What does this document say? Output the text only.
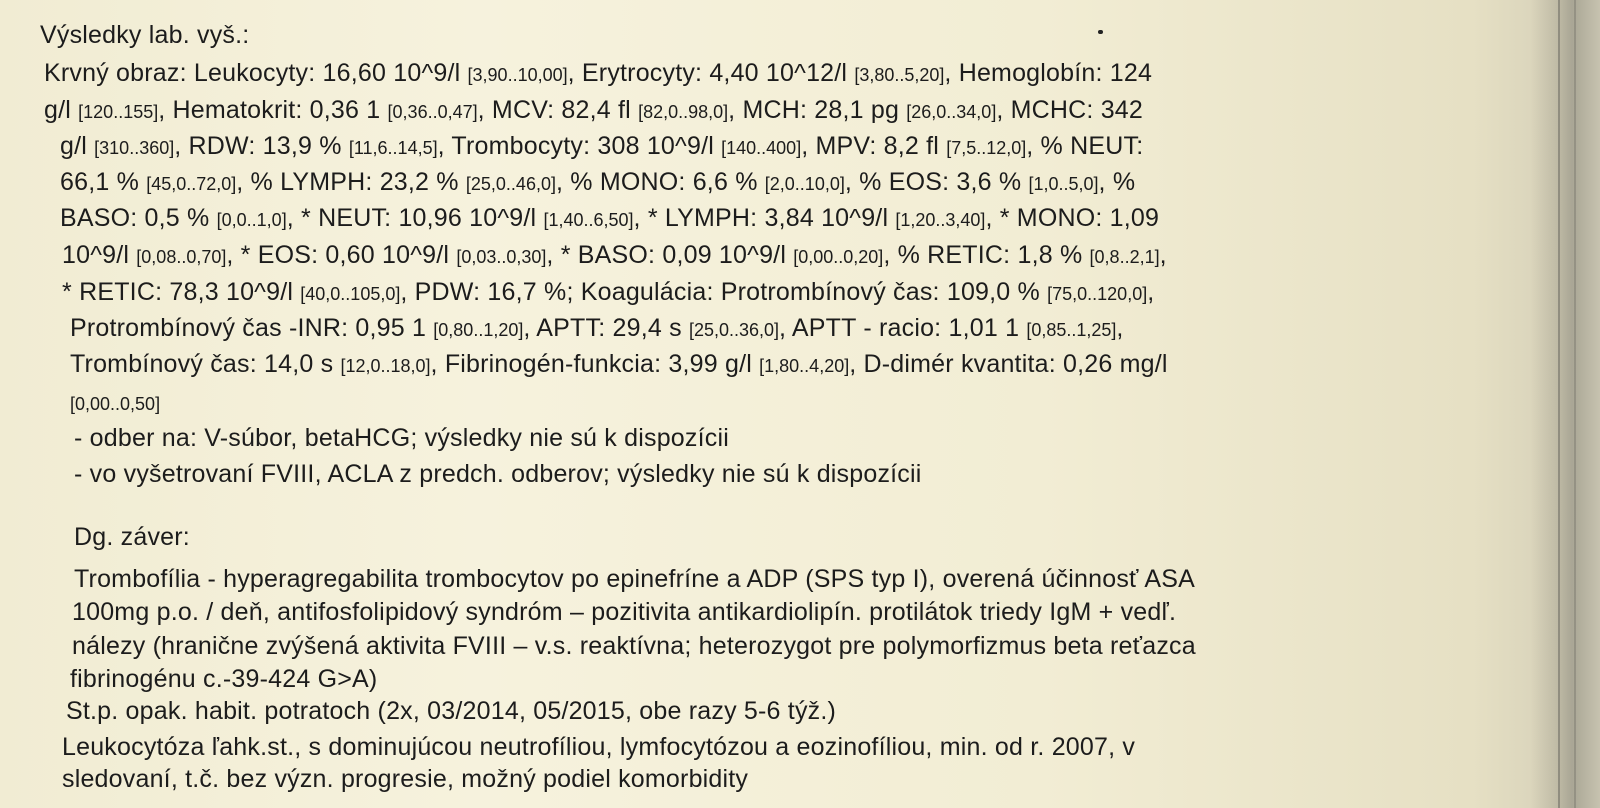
Výsledky lab. vyš.:
Krvný obraz: Leukocyty: 16,60 10^9/l [3,90..10,00], Erytrocyty: 4,40 10^12/l [3,80..5,20], Hemoglobín: 124
g/l [120..155], Hematokrit: 0,36 1 [0,36..0,47], MCV: 82,4 fl [82,0..98,0], MCH: 28,1 pg [26,0..34,0], MCHC: 342
g/l [310..360], RDW: 13,9 % [11,6..14,5], Trombocyty: 308 10^9/l [140..400], MPV: 8,2 fl [7,5..12,0], % NEUT:
66,1 % [45,0..72,0], % LYMPH: 23,2 % [25,0..46,0], % MONO: 6,6 % [2,0..10,0], % EOS: 3,6 % [1,0..5,0], %
BASO: 0,5 % [0,0..1,0], * NEUT: 10,96 10^9/l [1,40..6,50], * LYMPH: 3,84 10^9/l [1,20..3,40], * MONO: 1,09
10^9/l [0,08..0,70], * EOS: 0,60 10^9/l [0,03..0,30], * BASO: 0,09 10^9/l [0,00..0,20], % RETIC: 1,8 % [0,8..2,1],
* RETIC: 78,3 10^9/l [40,0..105,0], PDW: 16,7 %; Koagulácia: Protrombínový čas: 109,0 % [75,0..120,0],
Protrombínový čas -INR: 0,95 1 [0,80..1,20], APTT: 29,4 s [25,0..36,0], APTT - racio: 1,01 1 [0,85..1,25],
Trombínový čas: 14,0 s [12,0..18,0], Fibrinogén-funkcia: 3,99 g/l [1,80..4,20], D-dimér kvantita: 0,26 mg/l
[0,00..0,50]
- odber na: V-súbor, betaHCG; výsledky nie sú k dispozícii
- vo vyšetrovaní FVIII, ACLA z predch. odberov; výsledky nie sú k dispozícii
Dg. záver:
Trombofília - hyperagregabilita trombocytov po epinefríne a ADP (SPS typ I), overená účinnosť ASA
100mg p.o. / deň, antifosfolipidový syndróm – pozitivita antikardiolipín. protilátok triedy IgM + vedľ.
nálezy (hranične zvýšená aktivita FVIII – v.s. reaktívna; heterozygot pre polymorfizmus beta reťazca
fibrinogénu c.-39-424 G>A)
St.p. opak. habit. potratoch (2x, 03/2014, 05/2015, obe razy 5-6 týž.)
Leukocytóza ľahk.st., s dominujúcou neutrofíliou, lymfocytózou a eozinofíliou, min. od r. 2007, v
sledovaní, t.č. bez význ. progresie, možný podiel komorbidity
